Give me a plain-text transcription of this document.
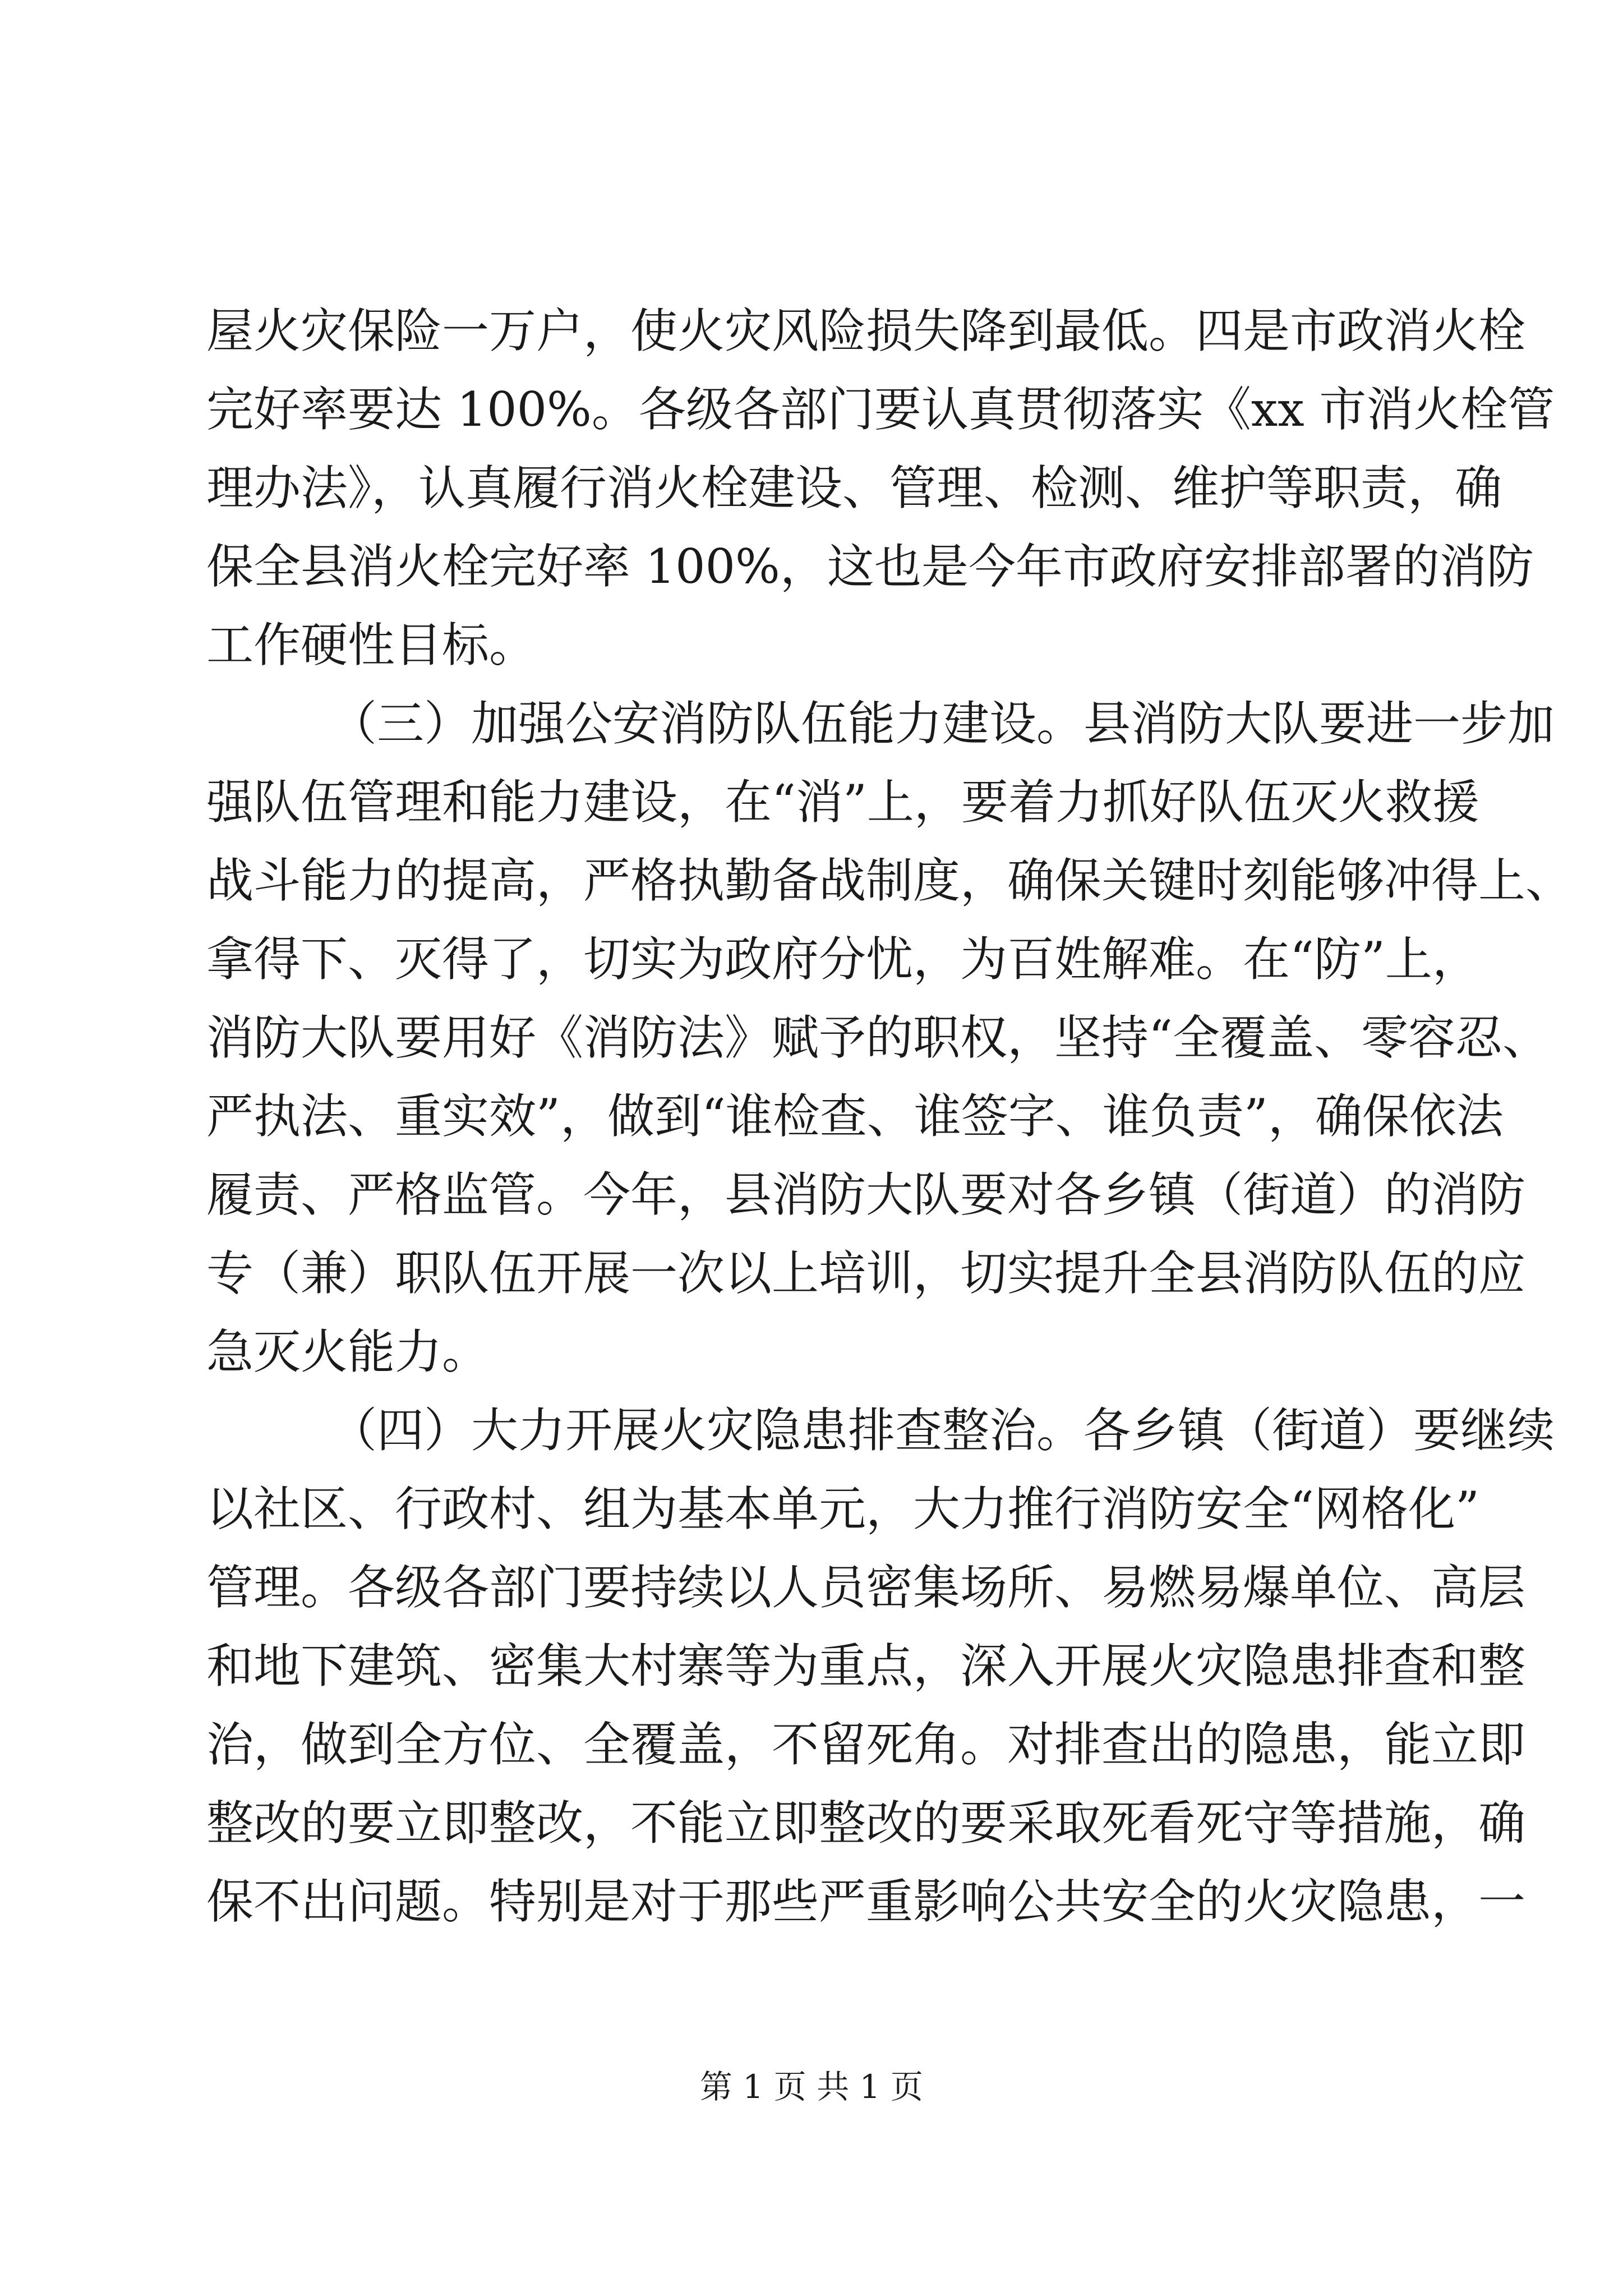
屋火灾保险一万户，使火灾风险损失降到最低。四是市政消火栓
完好率要达 100%。各级各部门要认真贯彻落实《xx 市消火栓管
理办法》，认真履行消火栓建设、管理、检测、维护等职责，确
保全县消火栓完好率 100%，这也是今年市政府安排部署的消防
工作硬性目标。
（三）加强公安消防队伍能力建设。县消防大队要进一步加
强队伍管理和能力建设，在“消”上，要着力抓好队伍灭火救援
战斗能力的提高，严格执勤备战制度，确保关键时刻能够冲得上、
拿得下、灭得了，切实为政府分忧，为百姓解难。在“防”上，
消防大队要用好《消防法》赋予的职权，坚持“全覆盖、零容忍、
严执法、重实效”，做到“谁检查、谁签字、谁负责”，确保依法
履责、严格监管。今年，县消防大队要对各乡镇（街道）的消防
专（兼）职队伍开展一次以上培训，切实提升全县消防队伍的应
急灭火能力。
（四）大力开展火灾隐患排查整治。各乡镇（街道）要继续
以社区、行政村、组为基本单元，大力推行消防安全“网格化”
管理。各级各部门要持续以人员密集场所、易燃易爆单位、高层
和地下建筑、密集大村寨等为重点，深入开展火灾隐患排查和整
治，做到全方位、全覆盖，不留死角。对排查出的隐患，能立即
整改的要立即整改，不能立即整改的要采取死看死守等措施，确
保不出问题。特别是对于那些严重影响公共安全的火灾隐患，一
第 1 页 共 1 页
